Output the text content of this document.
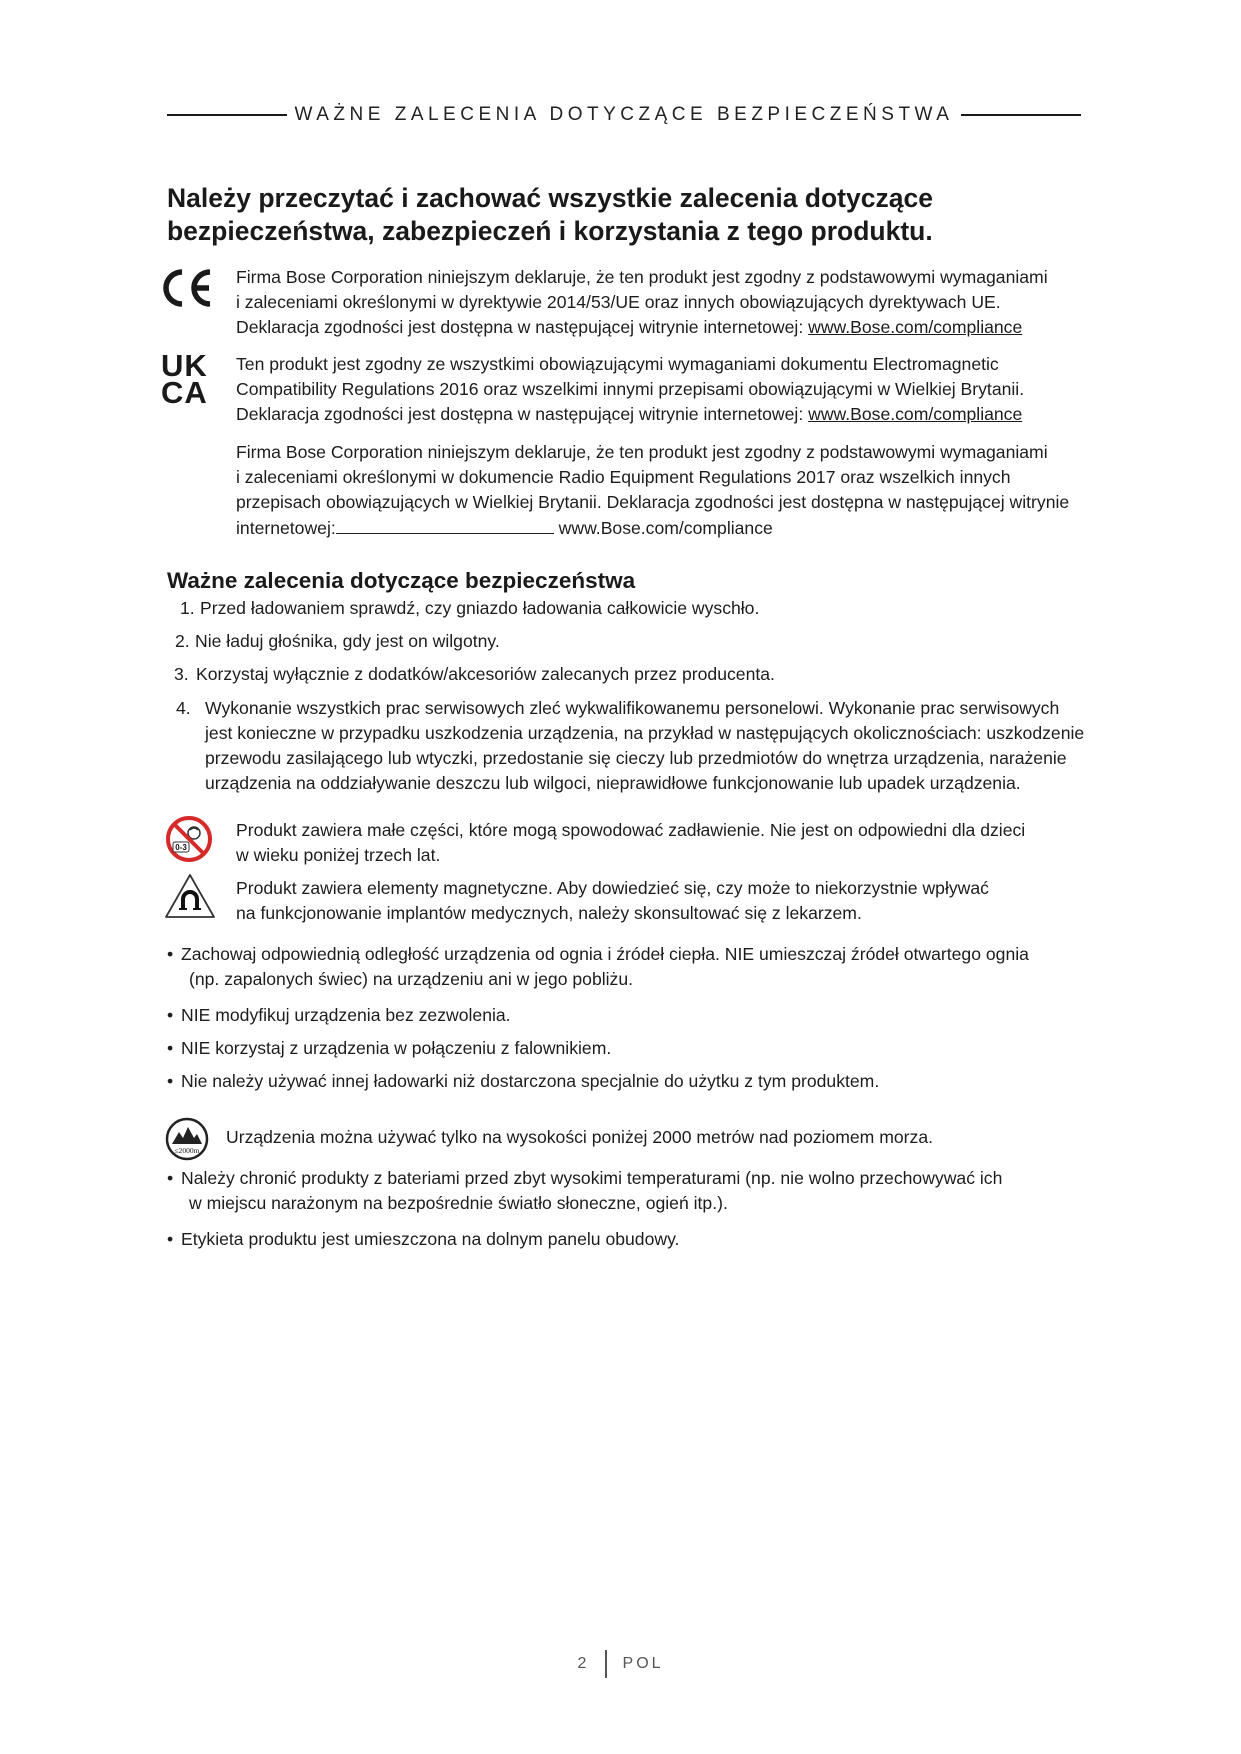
WAŻNE ZALECENIA DOTYCZĄCE BEZPIECZEŃSTWA
Należy przeczytać i zachować wszystkie zalecenia dotyczące
bezpieczeństwa, zabezpieczeń i korzystania z tego produktu.
Firma Bose Corporation niniejszym deklaruje, że ten produkt jest zgodny z podstawowymi wymaganiami
i zaleceniami określonymi w dyrektywie 2014/53/UE oraz innych obowiązujących dyrektywach UE.
Deklaracja zgodności jest dostępna w następującej witrynie internetowej: www.Bose.com/compliance
UK
CA
Ten produkt jest zgodny ze wszystkimi obowiązującymi wymaganiami dokumentu Electromagnetic
Compatibility Regulations 2016 oraz wszelkimi innymi przepisami obowiązującymi w Wielkiej Brytanii.
Deklaracja zgodności jest dostępna w następującej witrynie internetowej: www.Bose.com/compliance
Firma Bose Corporation niniejszym deklaruje, że ten produkt jest zgodny z podstawowymi wymaganiami
i zaleceniami określonymi w dokumencie Radio Equipment Regulations 2017 oraz wszelkich innych
przepisach obowiązujących w Wielkiej Brytanii. Deklaracja zgodności jest dostępna w następującej witrynie
internetowej:	www.Bose.com/compliance
Ważne zalecenia dotyczące bezpieczeństwa
1. Przed ładowaniem sprawdź, czy gniazdo ładowania całkowicie wyschło.
2. Nie ładuj głośnika, gdy jest on wilgotny.
3. Korzystaj wyłącznie z dodatków/akcesoriów zalecanych przez producenta.
4. Wykonanie wszystkich prac serwisowych zleć wykwalifikowanemu personelowi. Wykonanie prac serwisowych
jest konieczne w przypadku uszkodzenia urządzenia, na przykład w następujących okolicznościach: uszkodzenie
przewodu zasilającego lub wtyczki, przedostanie się cieczy lub przedmiotów do wnętrza urządzenia, narażenie
urządzenia na oddziaływanie deszczu lub wilgoci, nieprawidłowe funkcjonowanie lub upadek urządzenia.
0-3
Produkt zawiera małe części, które mogą spowodować zadławienie. Nie jest on odpowiedni dla dzieci
w wieku poniżej trzech lat.
Produkt zawiera elementy magnetyczne. Aby dowiedzieć się, czy może to niekorzystnie wpływać
na funkcjonowanie implantów medycznych, należy skonsultować się z lekarzem.
• Zachowaj odpowiednią odległość urządzenia od ognia i źródeł ciepła. NIE umieszczaj źródeł otwartego ognia
(np. zapalonych świec) na urządzeniu ani w jego pobliżu.
• NIE modyfikuj urządzenia bez zezwolenia.
• NIE korzystaj z urządzenia w połączeniu z falownikiem.
• Nie należy używać innej ładowarki niż dostarczona specjalnie do użytku z tym produktem.
≤2000m
Urządzenia można używać tylko na wysokości poniżej 2000 metrów nad poziomem morza.
• Należy chronić produkty z bateriami przed zbyt wysokimi temperaturami (np. nie wolno przechowywać ich
w miejscu narażonym na bezpośrednie światło słoneczne, ogień itp.).
• Etykieta produktu jest umieszczona na dolnym panelu obudowy.
2 POL
